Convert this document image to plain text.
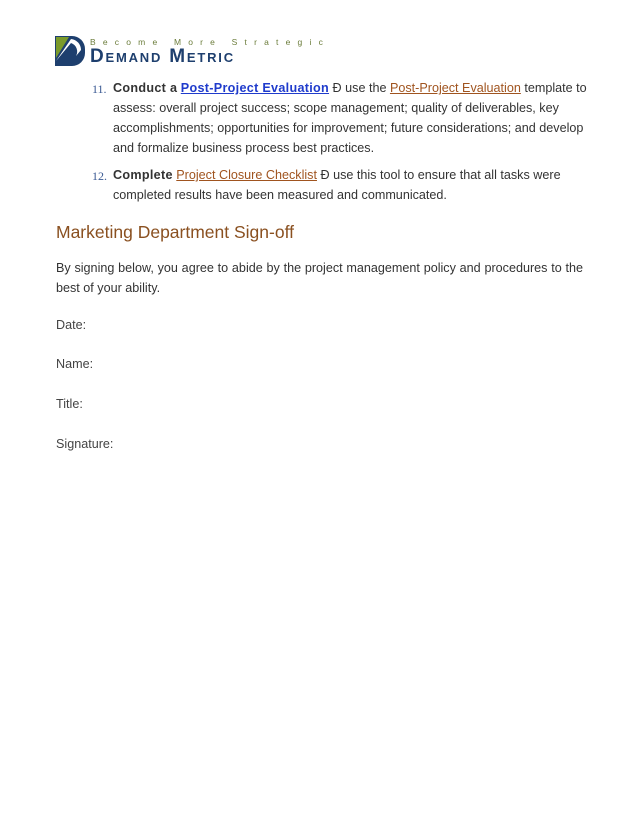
Become More Strategic
Demand Metric
11. Conduct a Post-Project Evaluation Ð use the Post-Project Evaluation template to assess: overall project success; scope management; quality of deliverables, key accomplishments; opportunities for improvement; future considerations; and develop and formalize business process best practices.
12. Complete Project Closure Checklist Ð use this tool to ensure that all tasks were completed results have been measured and communicated.
Marketing Department Sign-off
By signing below, you agree to abide by the project management policy and procedures to the best of your ability.
Date:
Name:
Title:
Signature:
